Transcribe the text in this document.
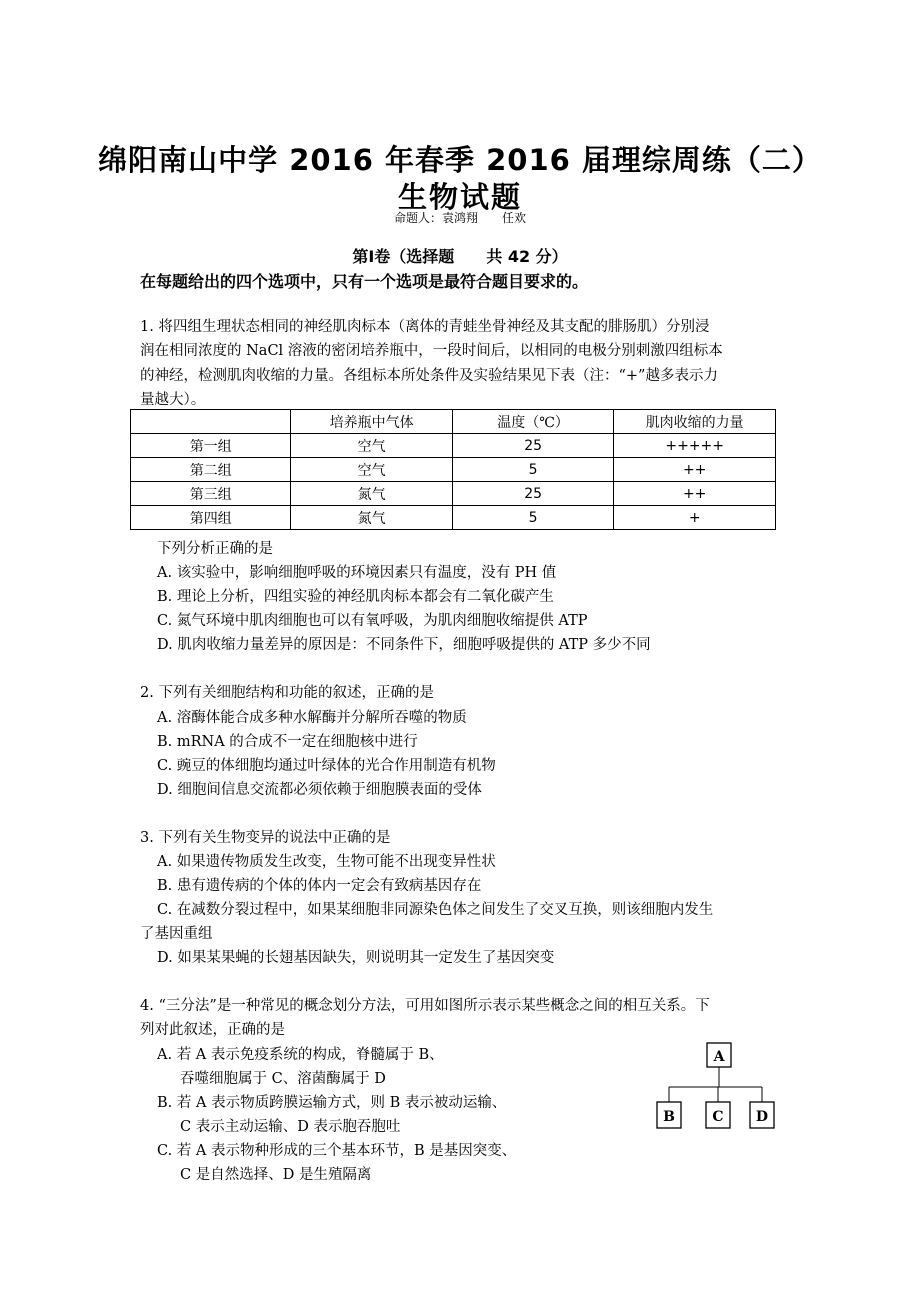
绵阳南山中学 2016 年春季 2016 届理综周练（二）
生物试题
命题人：袁鸿翔　　任欢
第Ⅰ卷（选择题　　共 42 分）
在每题给出的四个选项中，只有一个选项是最符合题目要求的。
1. 将四组生理状态相同的神经肌肉标本（离体的青蛙坐骨神经及其支配的腓肠肌）分别浸
润在相同浓度的 NaCl 溶液的密闭培养瓶中，一段时间后，以相同的电极分别刺激四组标本
的神经，检测肌肉收缩的力量。各组标本所处条件及实验结果见下表（注：“+”越多表示力
量越大）。
	培养瓶中气体	温度（℃）	肌肉收缩的力量
第一组	空气	25	+++++
第二组	空气	5	++
第三组	氮气	25	++
第四组	氮气	5	+
下列分析正确的是
A. 该实验中，影响细胞呼吸的环境因素只有温度，没有 PH 值
B. 理论上分析，四组实验的神经肌肉标本都会有二氧化碳产生
C. 氮气环境中肌肉细胞也可以有氧呼吸，为肌肉细胞收缩提供 ATP
D. 肌肉收缩力量差异的原因是：不同条件下，细胞呼吸提供的 ATP 多少不同
2. 下列有关细胞结构和功能的叙述，正确的是
A. 溶酶体能合成多种水解酶并分解所吞噬的物质
B. mRNA 的合成不一定在细胞核中进行
C. 豌豆的体细胞均通过叶绿体的光合作用制造有机物
D. 细胞间信息交流都必须依赖于细胞膜表面的受体
3. 下列有关生物变异的说法中正确的是
A. 如果遗传物质发生改变，生物可能不出现变异性状
B. 患有遗传病的个体的体内一定会有致病基因存在
C. 在减数分裂过程中，如果某细胞非同源染色体之间发生了交叉互换，则该细胞内发生
了基因重组
D. 如果某果蝇的长翅基因缺失，则说明其一定发生了基因突变
4. “三分法”是一种常见的概念划分方法，可用如图所示表示某些概念之间的相互关系。下
列对此叙述，正确的是
A. 若 A 表示免疫系统的构成，脊髓属于 B、
吞噬细胞属于 C、溶菌酶属于 D
B. 若 A 表示物质跨膜运输方式，则 B 表示被动运输、
C 表示主动运输、D 表示胞吞胞吐
C. 若 A 表示物种形成的三个基本环节，B 是基因突变、
C 是自然选择、D 是生殖隔离
A
B	C D
